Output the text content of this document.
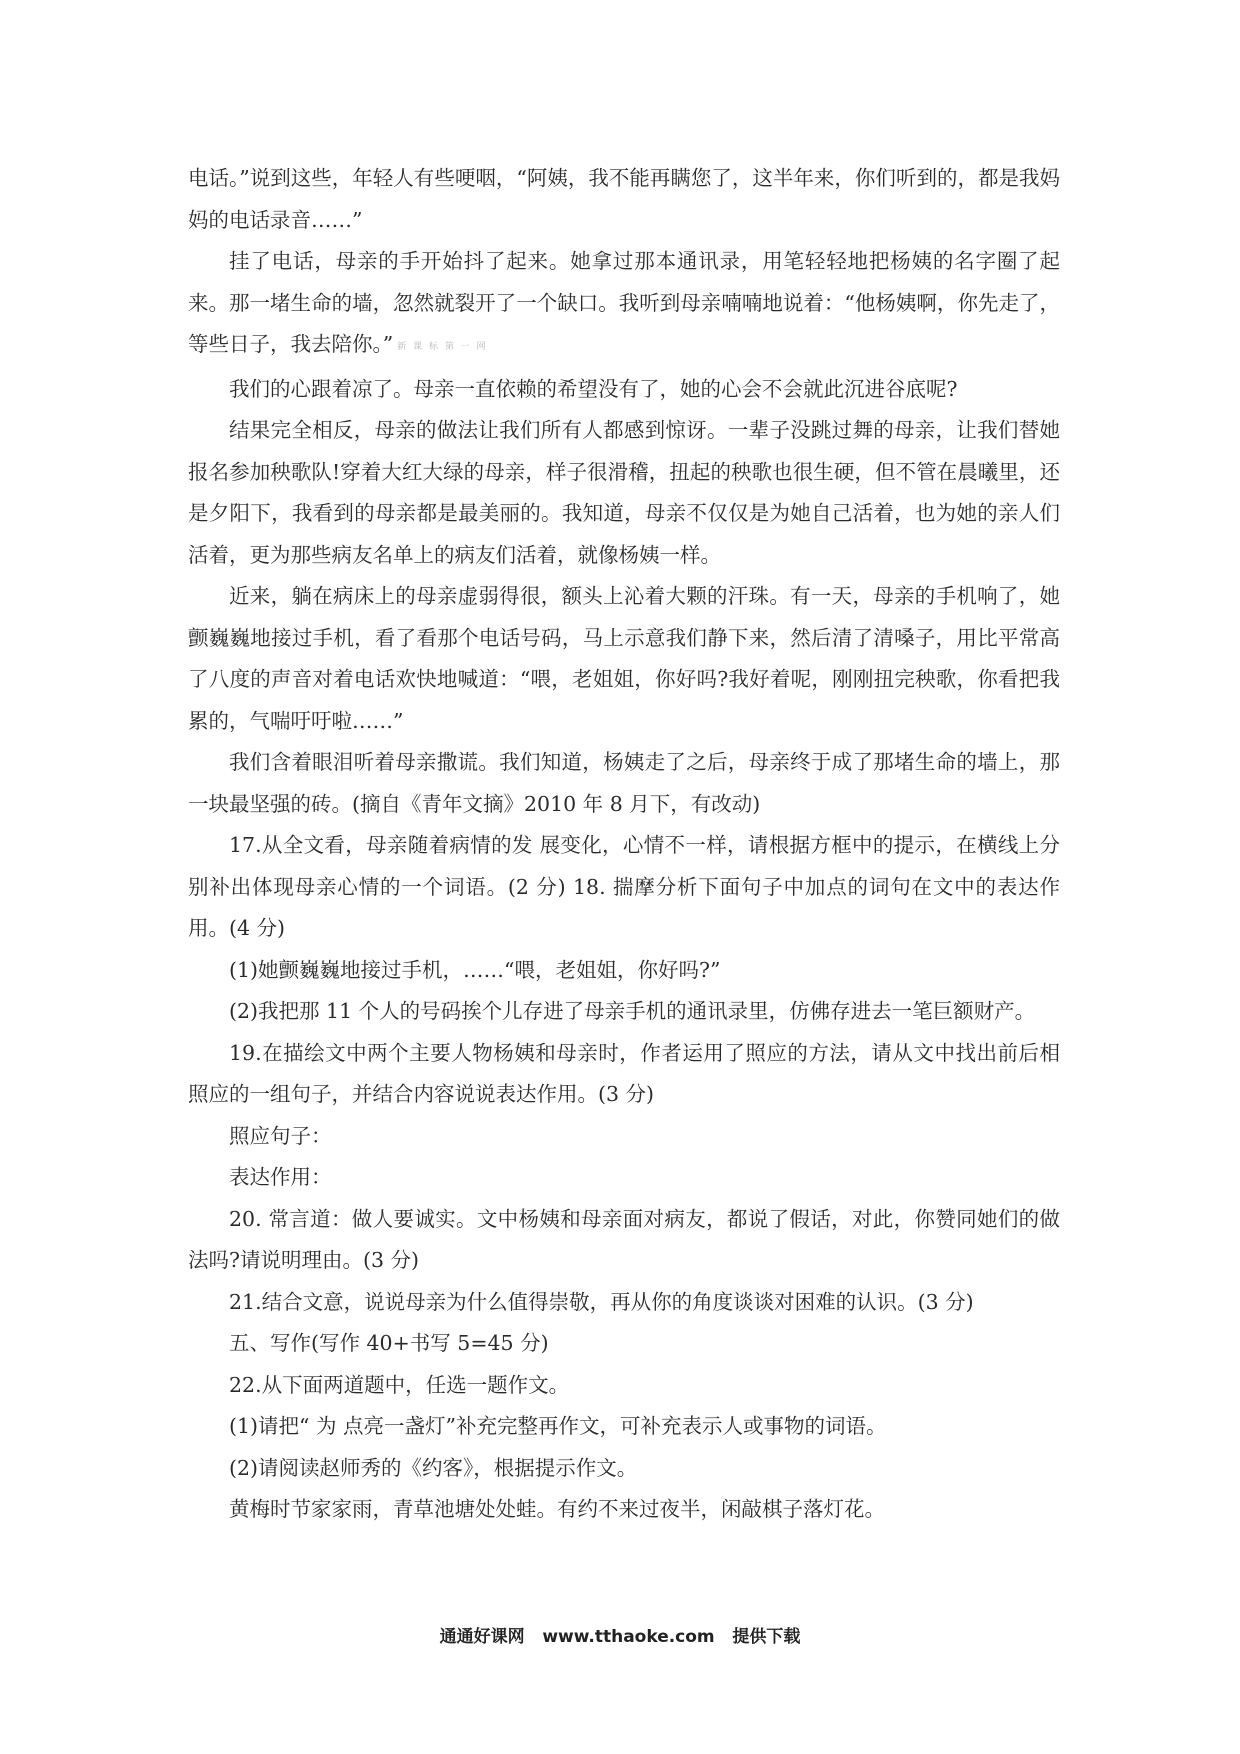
电话。”说到这些，年轻人有些哽咽，“阿姨，我不能再瞒您了，这半年来，你们听到的，都是我妈妈的电话录音……”

挂了电话，母亲的手开始抖了起来。她拿过那本通讯录，用笔轻轻地把杨姨的名字圈了起来。那一堵生命的墙，忽然就裂开了一个缺口。我听到母亲喃喃地说着：“他杨姨啊，你先走了，等些日子，我去陪你。” 新 课 标 第 一 网

我们的心跟着凉了。母亲一直依赖的希望没有了，她的心会不会就此沉进谷底呢?

结果完全相反，母亲的做法让我们所有人都感到惊讶。一辈子没跳过舞的母亲，让我们替她报名参加秧歌队!穿着大红大绿的母亲，样子很滑稽，扭起的秧歌也很生硬，但不管在晨曦里，还是夕阳下，我看到的母亲都是最美丽的。我知道，母亲不仅仅是为她自己活着，也为她的亲人们活着，更为那些病友名单上的病友们活着，就像杨姨一样。

近来，躺在病床上的母亲虚弱得很，额头上沁着大颗的汗珠。有一天，母亲的手机响了，她颤巍巍地接过手机，看了看那个电话号码，马上示意我们静下来，然后清了清嗓子，用比平常高了八度的声音对着电话欢快地喊道：“喂，老姐姐，你好吗?我好着呢，刚刚扭完秧歌，你看把我累的，气喘吁吁啦……”

我们含着眼泪听着母亲撒谎。我们知道，杨姨走了之后，母亲终于成了那堵生命的墙上，那一块最坚强的砖。(摘自《青年文摘》2010 年 8 月下，有改动)

17.从全文看，母亲随着病情的发 展变化，心情不一样，请根据方框中的提示，在横线上分别补出体现母亲心情的一个词语。(2 分) 18. 揣摩分析下面句子中加点的词句在文中的表达作用。(4 分)

(1)她颤巍巍地接过手机，……“喂，老姐姐，你好吗?”

(2)我把那 11 个人的号码挨个儿存进了母亲手机的通讯录里，仿佛存进去一笔巨额财产。

19.在描绘文中两个主要人物杨姨和母亲时，作者运用了照应的方法，请从文中找出前后相照应的一组句子，并结合内容说说表达作用。(3 分)

照应句子：

表达作用：

20. 常言道：做人要诚实。文中杨姨和母亲面对病友，都说了假话，对此，你赞同她们的做法吗?请说明理由。(3 分)

21.结合文意，说说母亲为什么值得崇敬，再从你的角度谈谈对困难的认识。(3 分)

五、写作(写作 40+书写 5=45 分)

22.从下面两道题中，任选一题作文。

(1)请把“ 为 点亮一盏灯”补充完整再作文，可补充表示人或事物的词语。

(2)请阅读赵师秀的《约客》，根据提示作文。

黄梅时节家家雨，青草池塘处处蛙。有约不来过夜半，闲敲棋子落灯花。

通通好课网   www.tthaoke.com   提供下载
